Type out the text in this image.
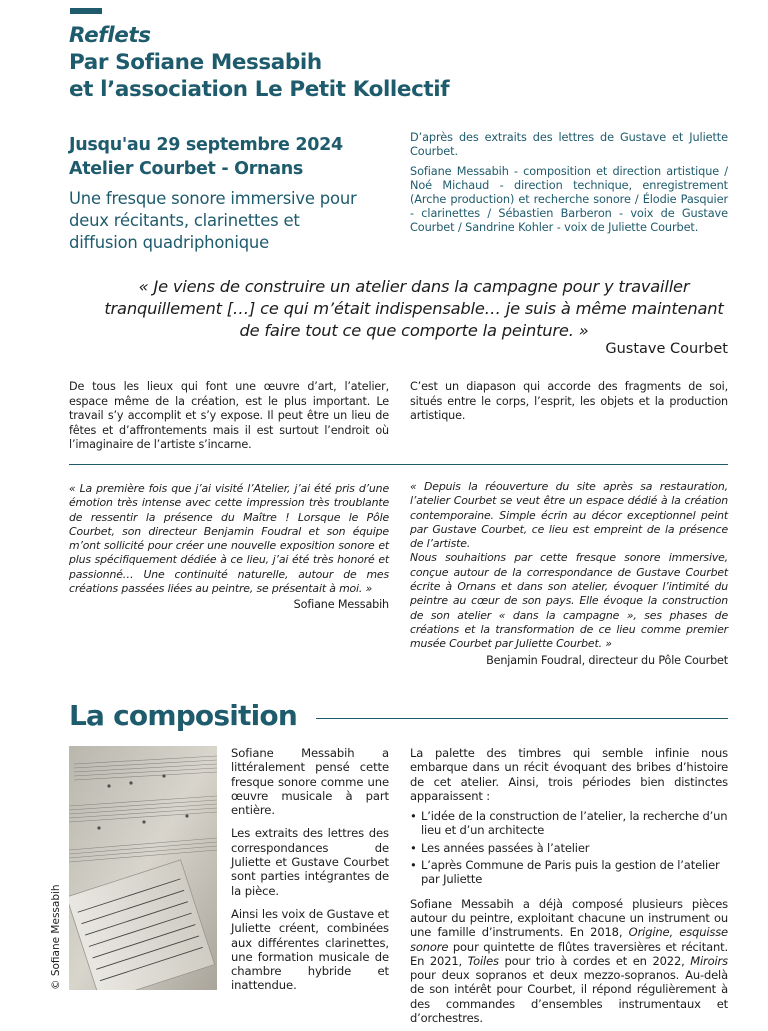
Reflets
Par Sofiane Messabih
et l’association Le Petit Kollectif
Jusqu'au 29 septembre 2024
Atelier Courbet - Ornans
Une fresque sonore immersive pour deux récitants, clarinettes et diffusion quadriphonique

D’après des extraits des lettres de Gustave et Juliette Courbet.

Sofiane Messabih - composition et direction artistique / Noé Michaud - direction technique, enregistrement (Arche production) et recherche sonore / Élodie Pasquier - clarinettes / Sébastien Barberon - voix de Gustave Courbet / Sandrine Kohler - voix de Juliette Courbet.

« Je viens de construire un atelier dans la campagne pour y travailler tranquillement […] ce qui m’était indispensable… je suis à même maintenant de faire tout ce que comporte la peinture. »
Gustave Courbet
De tous les lieux qui font une œuvre d’art, l’atelier, espace même de la création, est le plus important. Le travail s’y accomplit et s’y expose. Il peut être un lieu de fêtes et d’affrontements mais il est surtout l’endroit où l’imaginaire de l’artiste s’incarne.
C’est un diapason qui accorde des fragments de soi, situés entre le corps, l’esprit, les objets et la production artistique.
« La première fois que j’ai visité l’Atelier, j’ai été pris d’une émotion très intense avec cette impression très troublante de ressentir la présence du Maître ! Lorsque le Pôle Courbet, son directeur Benjamin Foudral et son équipe m’ont sollicité pour créer une nouvelle exposition sonore et plus spécifiquement dédiée à ce lieu, j’ai été très honoré et passionné… Une continuité naturelle, autour de mes créations passées liées au peintre, se présentait à moi. »
Sofiane Messabih
« Depuis la réouverture du site après sa restauration, l’atelier Courbet se veut être un espace dédié à la création contemporaine. Simple écrin au décor exceptionnel peint par Gustave Courbet, ce lieu est empreint de la présence de l’artiste.
Nous souhaitions par cette fresque sonore immersive, conçue autour de la correspondance de Gustave Courbet écrite à Ornans et dans son atelier, évoquer l’intimité du peintre au cœur de son pays. Elle évoque la construction de son atelier « dans la campagne », ses phases de créations et la transformation de ce lieu comme premier musée Courbet par Juliette Courbet. »
Benjamin Foudral, directeur du Pôle Courbet
La composition
© Sofiane Messabih

Sofiane Messabih a littéralement pensé cette fresque sonore comme une œuvre musicale à part entière.

Les extraits des lettres des correspondances de Juliette et Gustave Courbet sont parties intégrantes de la pièce.

Ainsi les voix de Gustave et Juliette créent, combinées aux différentes clarinettes, une formation musicale de chambre hybride et inattendue.

La palette des timbres qui semble infinie nous embarque dans un récit évoquant des bribes d’histoire de cet atelier. Ainsi, trois périodes bien distinctes apparaissent :

• L’idée de la construction de l’atelier, la recherche d’un lieu et d’un architecte
• Les années passées à l’atelier
• L’après Commune de Paris puis la gestion de l’atelier par Juliette

Sofiane Messabih a déjà composé plusieurs pièces autour du peintre, exploitant chacune un instrument ou une famille d’instruments. En 2018, Origine, esquisse sonore pour quintette de flûtes traversières et récitant. En 2021, Toiles pour trio à cordes et en 2022, Miroirs pour deux sopranos et deux mezzo-sopranos. Au-delà de son intérêt pour Courbet, il répond régulièrement à des commandes d’ensembles instrumentaux et d’orchestres.
